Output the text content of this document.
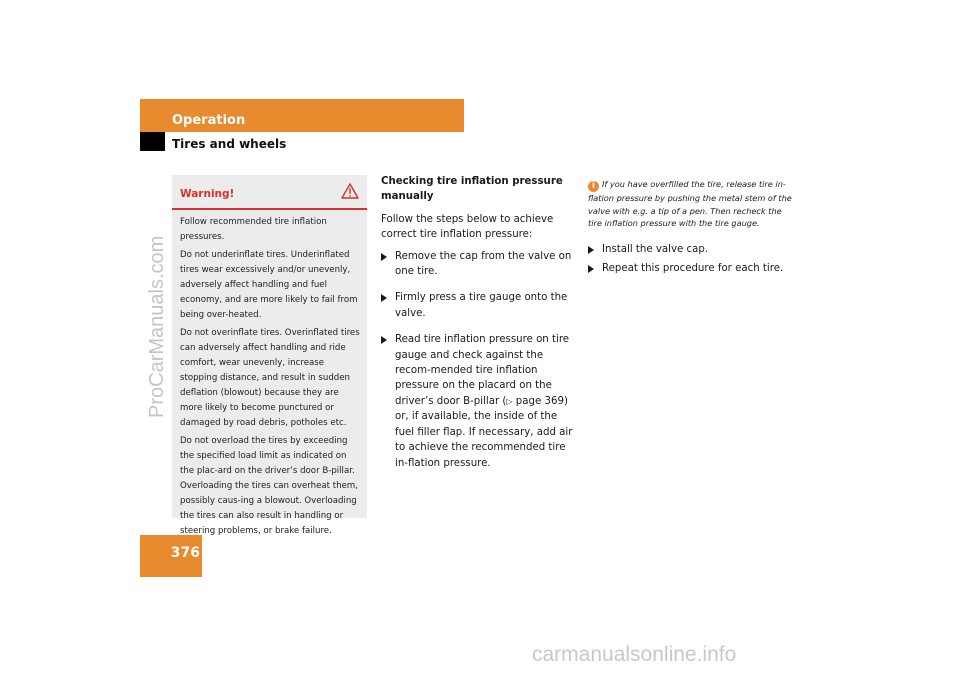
Operation
Tires and wheels
376
ProCarManuals.com
Warning!

Follow recommended tire inflation pressures.

Do not underinflate tires. Underinflated tires wear excessively and/or unevenly, adversely affect handling and fuel economy, and are more likely to fail from being over-heated.

Do not overinflate tires. Overinflated tires can adversely affect handling and ride comfort, wear unevenly, increase stopping distance, and result in sudden deflation (blowout) because they are more likely to become punctured or damaged by road debris, potholes etc.

Do not overload the tires by exceeding the specified load limit as indicated on the plac-ard on the driver’s door B-pillar. Overloading the tires can overheat them, possibly caus-ing a blowout. Overloading the tires can also result in handling or steering problems, or brake failure.

Checking tire inflation pressure manually

Follow the steps below to achieve correct tire inflation pressure:

Remove the cap from the valve on one tire.
Firmly press a tire gauge onto the valve.
Read tire inflation pressure on tire gauge and check against the recom-mended tire inflation pressure on the placard on the driver’s door B-pillar (▷ page 369) or, if available, the inside of the fuel filler flap. If necessary, add air to achieve the recommended tire in-flation pressure.

i If you have overfilled the tire, release tire in-flation pressure by pushing the metal stem of the valve with e.g. a tip of a pen. Then recheck the tire inflation pressure with the tire gauge.

Install the valve cap.
Repeat this procedure for each tire.
carmanualsonline.info
